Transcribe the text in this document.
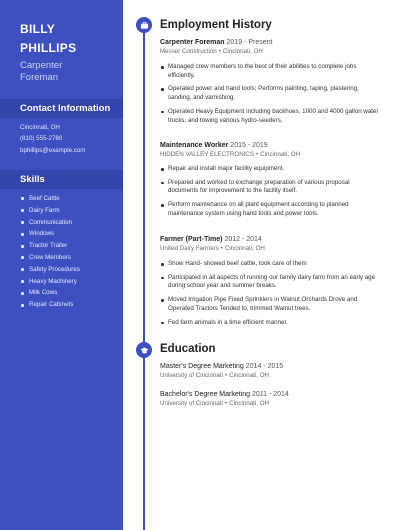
BILLY
PHILLIPS
Carpenter
Foreman
Contact Information
Cincinnati, OH
(810) 555-2780
bphillips@example.com
Skills
Beef Cattle
Dairy Farm
Communication
Windows
Tractor Trailer
Crew Members
Safety Procedures
Heavy Machinery
Milk Cows
Repair Cabinets
Employment History
Carpenter Foreman 2019 - Present
Messer Construction • Cincinnati, OH
Managed crew members to the best of their abilities to complete jobs efficiently.
Operated power and hand tools; Performs painting, taping, plastering, sanding, and varnishing.
Operated Heavy Equipment including backhoes, 1000 and 4000 gallon water trucks, and towing various hydro-seeders.
Maintenance Worker 2015 - 2019
HIDDEN VALLEY ELECTRONICS • Cincinnati, OH
Repair and install major facility equipment.
Prepared and worked to exchange preparation of various proposal documents for improvement to the facility itself.
Perform maintenance on all plant equipment according to planned maintenance system using hand tools and power tools.
Farmer (Part-Time) 2012 - 2014
United Dairy Farmers • Cincinnati, OH
Show Hand- showed beef cattle, took care of them
Participated in all aspects of running our family dairy farm from an early age during school year and summer breaks.
Moved Irrigation Pipe Fixed Sprinklers in Walnut Orchards Drove and Operated Tractors Tended to, trimmed Walnut trees.
Fed farm animals in a time efficient manner.
Education
Master's Degree Marketing 2014 - 2015
University of Cincinnati • Cincinnati, OH
Bachelor's Degree Marketing 2011 - 2014
University of Cincinnati • Cincinnati, OH
